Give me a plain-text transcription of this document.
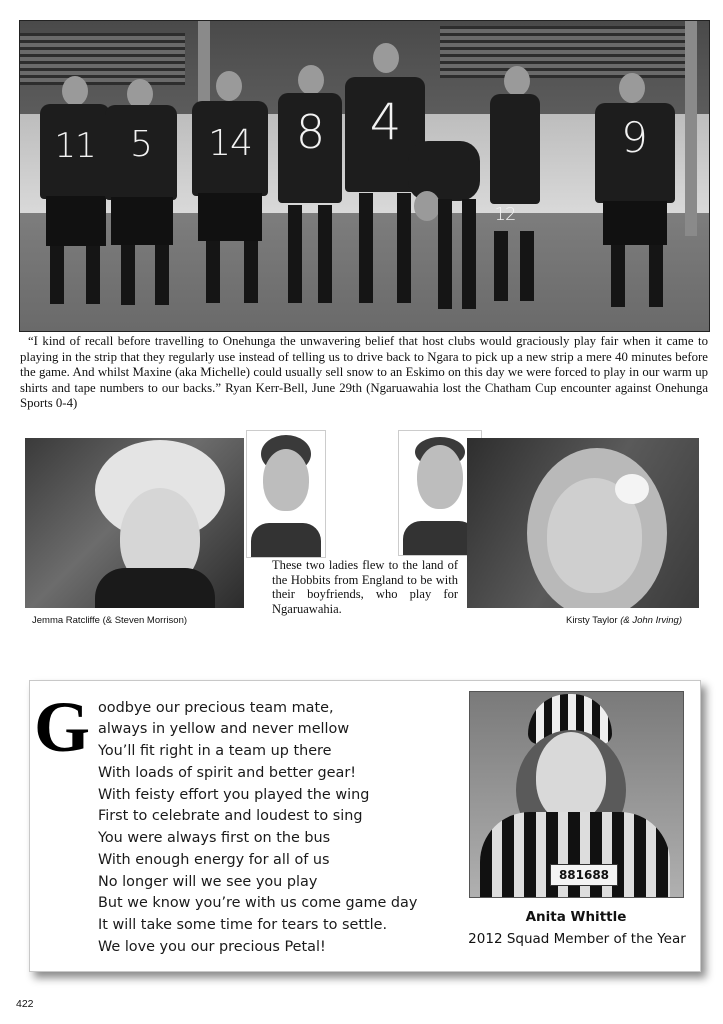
11 5	14 8 4
12
9
“I kind of recall before travelling to Onehunga the unwavering belief that host clubs would graciously play fair when it came to playing in the strip that they regularly use instead of telling us to drive back to Ngara to pick up a new strip a mere 40 minutes before the game. And whilst Maxine (aka Michelle) could usually sell snow to an Eskimo on this day we were forced to play in our warm up shirts and tape numbers to our backs.” Ryan Kerr-Bell, June 29th (Ngaruawahia lost the Chatham Cup encounter against Onehunga Sports 0-4)
These two ladies flew to the land of the Hobbits from England to be with their boyfriends, who play for Ngaruawahia.
Jemma Ratcliffe (& Steven Morrison)	Kirsty Taylor (& John Irving)
G oodbye our precious team mate,
always in yellow and never mellow
You’ll fit right in a team up there
With loads of spirit and better gear!
With feisty effort you played the wing
First to celebrate and loudest to sing
You were always first on the bus
With enough energy for all of us
No longer will we see you play
But we know you’re with us come game day
It will take some time for tears to settle.
We love you our precious Petal!
881688
Anita Whittle
2012 Squad Member of the Year
422
